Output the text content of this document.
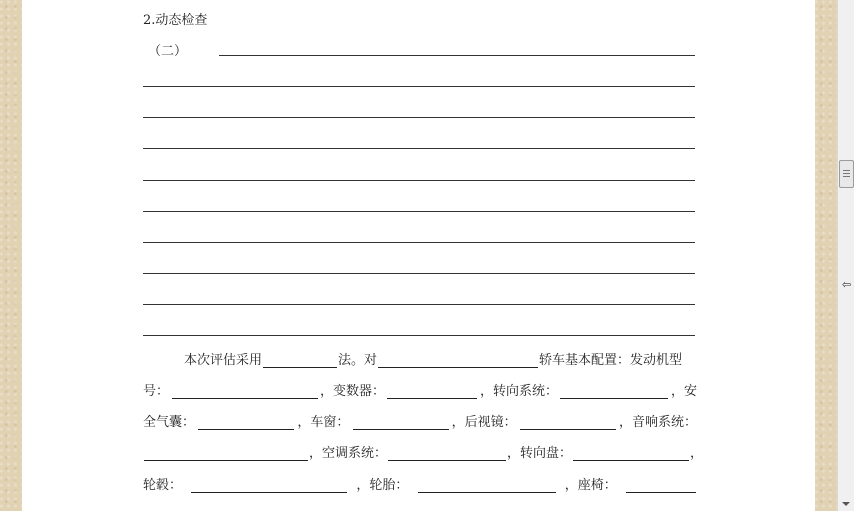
2.动态检查
（二）
本次评估采用	法。对	轿车基本配置：发动机型
号：	，变数器：	，转向系统：	，安
全气囊：	，车窗：	，后视镜：	，音响系统：
，空调系统：	，转向盘：	，
轮毂：	，轮胎：	，座椅：
⇦
